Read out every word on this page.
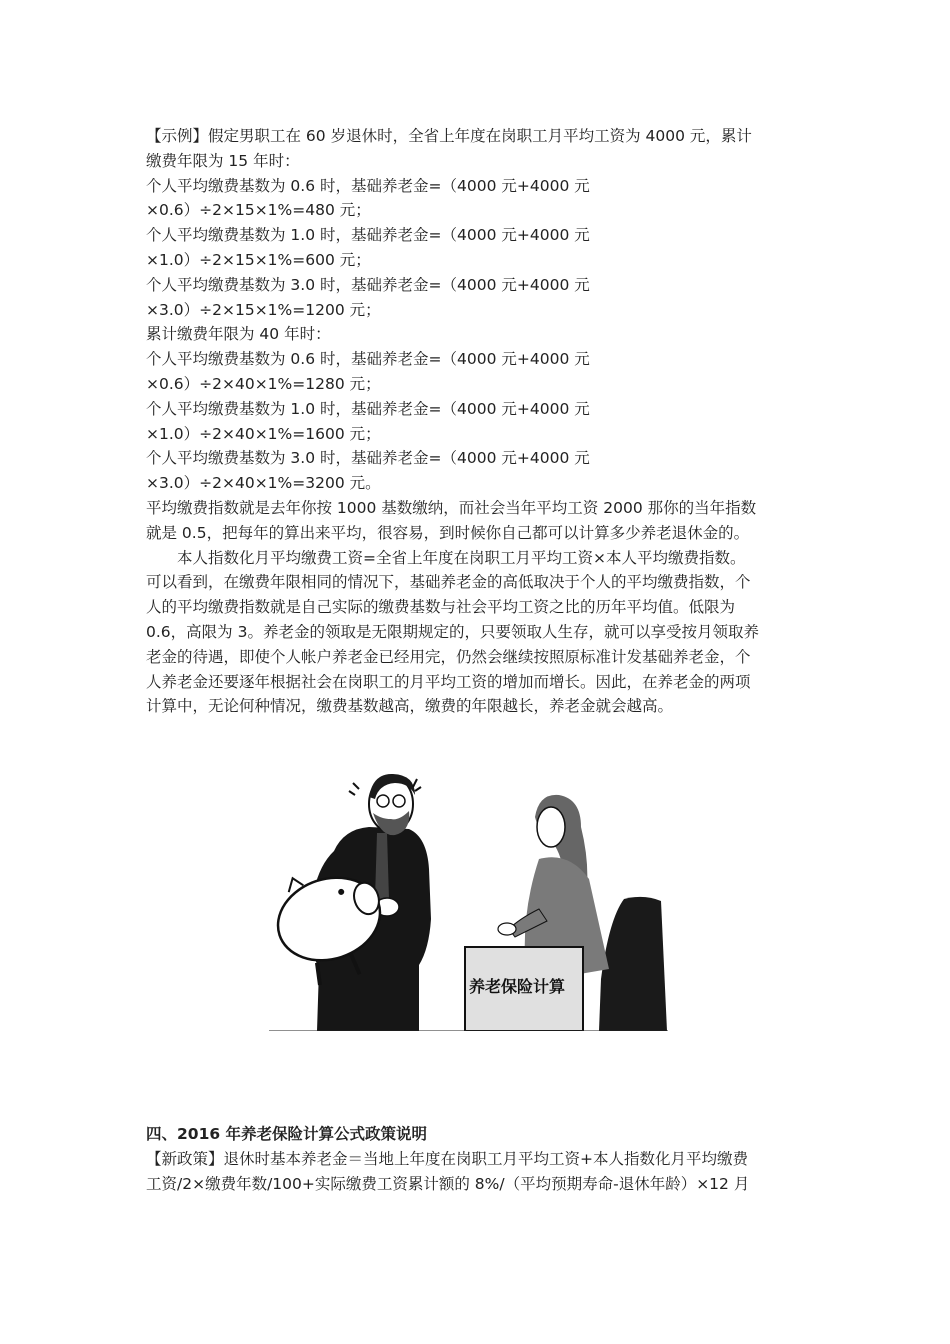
【示例】假定男职工在 60 岁退休时，全省上年度在岗职工月平均工资为 4000 元，累计
缴费年限为 15 年时：
个人平均缴费基数为 0.6 时，基础养老金=（4000 元+4000 元
×0.6）÷2×15×1%=480 元；
个人平均缴费基数为 1.0 时，基础养老金=（4000 元+4000 元
×1.0）÷2×15×1%=600 元；
个人平均缴费基数为 3.0 时，基础养老金=（4000 元+4000 元
×3.0）÷2×15×1%=1200 元；
累计缴费年限为 40 年时：
个人平均缴费基数为 0.6 时，基础养老金=（4000 元+4000 元
×0.6）÷2×40×1%=1280 元；
个人平均缴费基数为 1.0 时，基础养老金=（4000 元+4000 元
×1.0）÷2×40×1%=1600 元；
个人平均缴费基数为 3.0 时，基础养老金=（4000 元+4000 元
×3.0）÷2×40×1%=3200 元。
平均缴费指数就是去年你按 1000 基数缴纳，而社会当年平均工资 2000 那你的当年指数
就是 0.5，把每年的算出来平均，很容易，到时候你自己都可以计算多少养老退休金的。
本人指数化月平均缴费工资=全省上年度在岗职工月平均工资×本人平均缴费指数。
可以看到，在缴费年限相同的情况下，基础养老金的高低取决于个人的平均缴费指数，个
人的平均缴费指数就是自己实际的缴费基数与社会平均工资之比的历年平均值。低限为
0.6，高限为 3。养老金的领取是无限期规定的，只要领取人生存，就可以享受按月领取养
老金的待遇，即使个人帐户养老金已经用完，仍然会继续按照原标准计发基础养老金，个
人养老金还要逐年根据社会在岗职工的月平均工资的增加而增长。因此，在养老金的两项
计算中，无论何种情况，缴费基数越高，缴费的年限越长，养老金就会越高。
养老保险计算
四、2016 年养老保险计算公式政策说明
【新政策】退休时基本养老金＝当地上年度在岗职工月平均工资+本人指数化月平均缴费
工资/2×缴费年数/100+实际缴费工资累计额的 8%/（平均预期寿命-退休年龄）×12 月
